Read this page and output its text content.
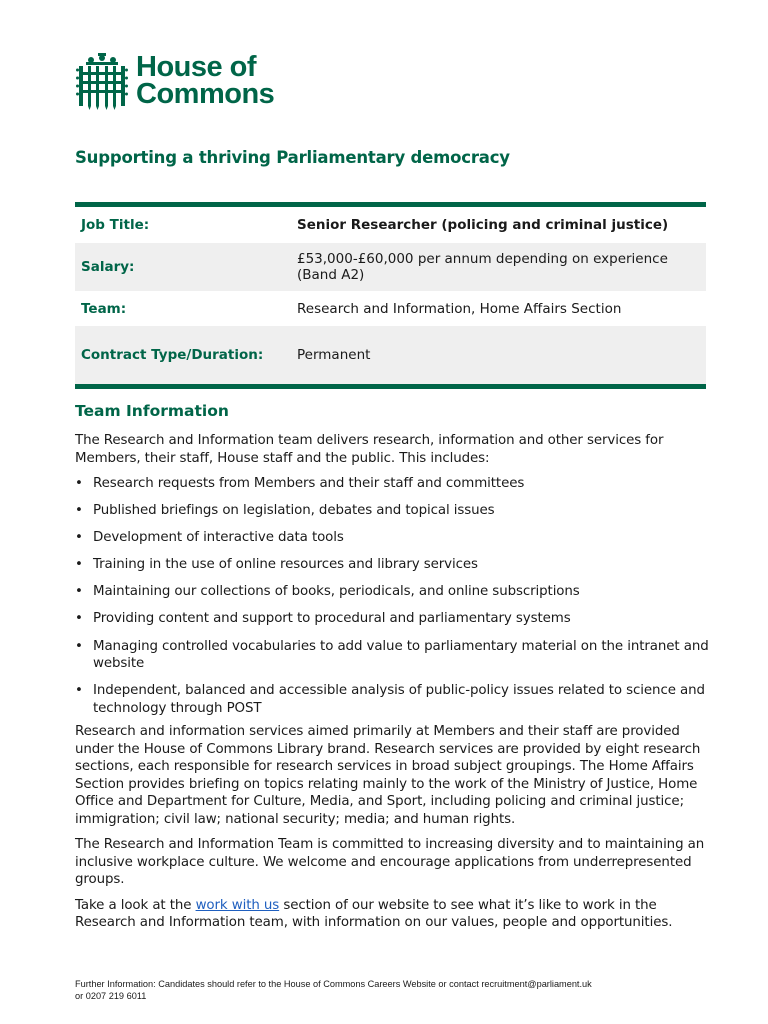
House of
Commons
Supporting a thriving Parliamentary democracy
Job Title:	Senior Researcher (policing and criminal justice)
Salary:	£53,000-£60,000 per annum depending on experience (Band A2)
Team:	Research and Information, Home Affairs Section
Contract Type/Duration:	Permanent
Team Information

The Research and Information team delivers research, information and other services for Members, their staff, House staff and the public. This includes:

• Research requests from Members and their staff and committees
• Published briefings on legislation, debates and topical issues
• Development of interactive data tools
• Training in the use of online resources and library services
• Maintaining our collections of books, periodicals, and online subscriptions
• Providing content and support to procedural and parliamentary systems
• Managing controlled vocabularies to add value to parliamentary material on the intranet and website
• Independent, balanced and accessible analysis of public-policy issues related to science and technology through POST

Research and information services aimed primarily at Members and their staff are provided under the House of Commons Library brand. Research services are provided by eight research sections, each responsible for research services in broad subject groupings. The Home Affairs Section provides briefing on topics relating mainly to the work of the Ministry of Justice, Home Office and Department for Culture, Media, and Sport, including policing and criminal justice; immigration; civil law; national security; media; and human rights.

The Research and Information Team is committed to increasing diversity and to maintaining an inclusive workplace culture. We welcome and encourage applications from underrepresented groups.

Take a look at the work with us section of our website to see what it’s like to work in the Research and Information team, with information on our values, people and opportunities.

Further Information: Candidates should refer to the House of Commons Careers Website or contact recruitment@parliament.uk
or 0207 219 6011
